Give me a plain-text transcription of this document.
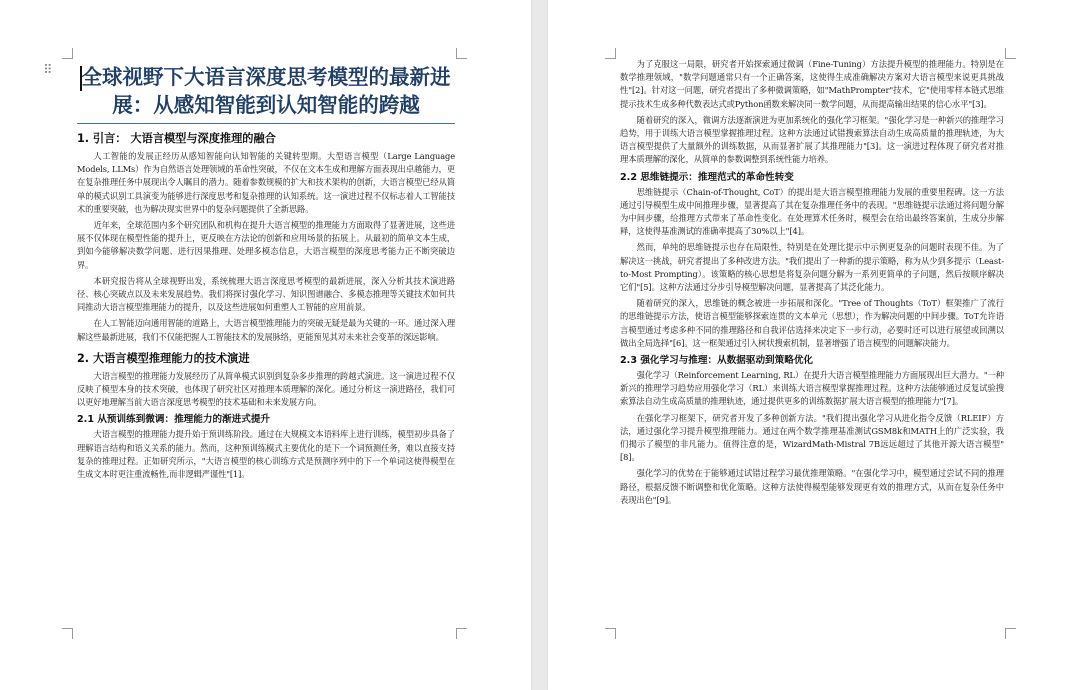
⠿ 全球视野下大语言深度思考模型的最新进展：从感知智能到认知智能的跨越
1. 引言： 大语言模型与深度推理的融合

人工智能的发展正经历从感知智能向认知智能的关键转型期。大型语言模型（Large Language Models, LLMs）作为自然语言处理领域的革命性突破，不仅在文本生成和理解方面表现出卓越能力，更在复杂推理任务中展现出令人瞩目的潜力。随着参数规模的扩大和技术架构的创新，大语言模型已经从简单的模式识别工具演变为能够进行深度思考和复杂推理的认知系统。这一演进过程不仅标志着人工智能技术的重要突破，也为解决现实世界中的复杂问题提供了全新思路。

近年来，全球范围内多个研究团队和机构在提升大语言模型的推理能力方面取得了显著进展，这些进展不仅体现在模型性能的提升上，更反映在方法论的创新和应用场景的拓展上。从最初的简单文本生成，到如今能够解决数学问题、进行因果推理、处理多模态信息，大语言模型的深度思考能力正不断突破边界。

本研究报告将从全球视野出发，系统梳理大语言深度思考模型的最新进展，深入分析其技术演进路径、核心突破点以及未来发展趋势。我们将探讨强化学习、知识图谱融合、多模态推理等关键技术如何共同推动大语言模型推理能力的提升，以及这些进展如何重塑人工智能的应用前景。

在人工智能迈向通用智能的道路上，大语言模型推理能力的突破无疑是最为关键的一环。通过深入理解这些最新进展，我们不仅能把握人工智能技术的发展脉络，更能预见其对未来社会变革的深远影响。

2. 大语言模型推理能力的技术演进

大语言模型的推理能力发展经历了从简单模式识别到复杂多步推理的跨越式演进。这一演进过程不仅反映了模型本身的技术突破，也体现了研究社区对推理本质理解的深化。通过分析这一演进路径，我们可以更好地理解当前大语言深度思考模型的技术基础和未来发展方向。

2.1 从预训练到微调：推理能力的渐进式提升

大语言模型的推理能力提升始于预训练阶段。通过在大规模文本语料库上进行训练，模型初步具备了理解语言结构和语义关系的能力。然而，这种预训练模式主要优化的是下一个词预测任务，难以直接支持复杂的推理过程。正如研究所示，"大语言模型的核心训练方式是预测序列中的下一个单词这使得模型在生成文本时更注重流畅性,而非逻辑严谨性"[1]。

为了克服这一局限，研究者开始探索通过微调（Fine-Tuning）方法提升模型的推理能力。特别是在数学推理领域，"数学问题通常只有一个正确答案，这使得生成准确解决方案对大语言模型来说更具挑战性"[2]。针对这一问题，研究者提出了多种微调策略，如"MathPrompter"技术，它"使用零样本链式思维提示技术生成多种代数表达式或Python函数来解决同一数学问题，从而提高输出结果的信心水平"[3]。

随着研究的深入，微调方法逐渐演进为更加系统化的强化学习框架。"强化学习是一种新兴的推理学习趋势，用于训练大语言模型掌握推理过程。这种方法通过试错搜索算法自动生成高质量的推理轨迹，为大语言模型提供了大量额外的训练数据，从而显著扩展了其推理能力"[3]。这一演进过程体现了研究者对推理本质理解的深化，从简单的参数调整到系统性能力培养。

2.2 思维链提示：推理范式的革命性转变

思维链提示（Chain-of-Thought, CoT）的提出是大语言模型推理能力发展的重要里程碑。这一方法通过引导模型生成中间推理步骤，显著提高了其在复杂推理任务中的表现。"思维链提示法通过将问题分解为中间步骤，给推理方式带来了革命性变化。在处理算术任务时，模型会在给出最终答案前，生成分步解释，这使得基准测试的准确率提高了30%以上"[4]。

然而，单纯的思维链提示也存在局限性，特别是在处理比提示中示例更复杂的问题时表现不佳。为了解决这一挑战，研究者提出了多种改进方法。"我们提出了一种新的提示策略，称为从少到多提示（Least-to-Most Prompting）。该策略的核心思想是将复杂问题分解为一系列更简单的子问题，然后按顺序解决它们"[5]。这种方法通过分步引导模型解决问题，显著提高了其泛化能力。

随着研究的深入，思维链的概念被进一步拓展和深化。"Tree of Thoughts（ToT）框架推广了流行的思维链提示方法，使语言模型能够探索连贯的文本单元（思想），作为解决问题的中间步骤。ToT允许语言模型通过考虑多种不同的推理路径和自我评估选择来决定下一步行动，必要时还可以进行展望或回溯以做出全局选择"[6]。这一框架通过引入树状搜索机制，显著增强了语言模型的问题解决能力。

2.3 强化学习与推理：从数据驱动到策略优化

强化学习（Reinforcement Learning, RL）在提升大语言模型推理能力方面展现出巨大潜力。"一种新兴的推理学习趋势应用强化学习（RL）来训练大语言模型掌握推理过程。这种方法能够通过反复试验搜索算法自动生成高质量的推理轨迹，通过提供更多的训练数据扩展大语言模型的推理能力"[7]。

在强化学习框架下，研究者开发了多种创新方法。"我们提出强化学习从进化指令反馈（RLEIF）方法，通过强化学习提升模型推理能力。通过在两个数学推理基准测试GSM8k和MATH上的广泛实验，我们揭示了模型的非凡能力。值得注意的是，WizardMath-Mistral 7B远远超过了其他开源大语言模型"[8]。

强化学习的优势在于能够通过试错过程学习最优推理策略。"在强化学习中，模型通过尝试不同的推理路径，根据反馈不断调整和优化策略。这种方法使得模型能够发现更有效的推理方式，从而在复杂任务中表现出色"[9]。
